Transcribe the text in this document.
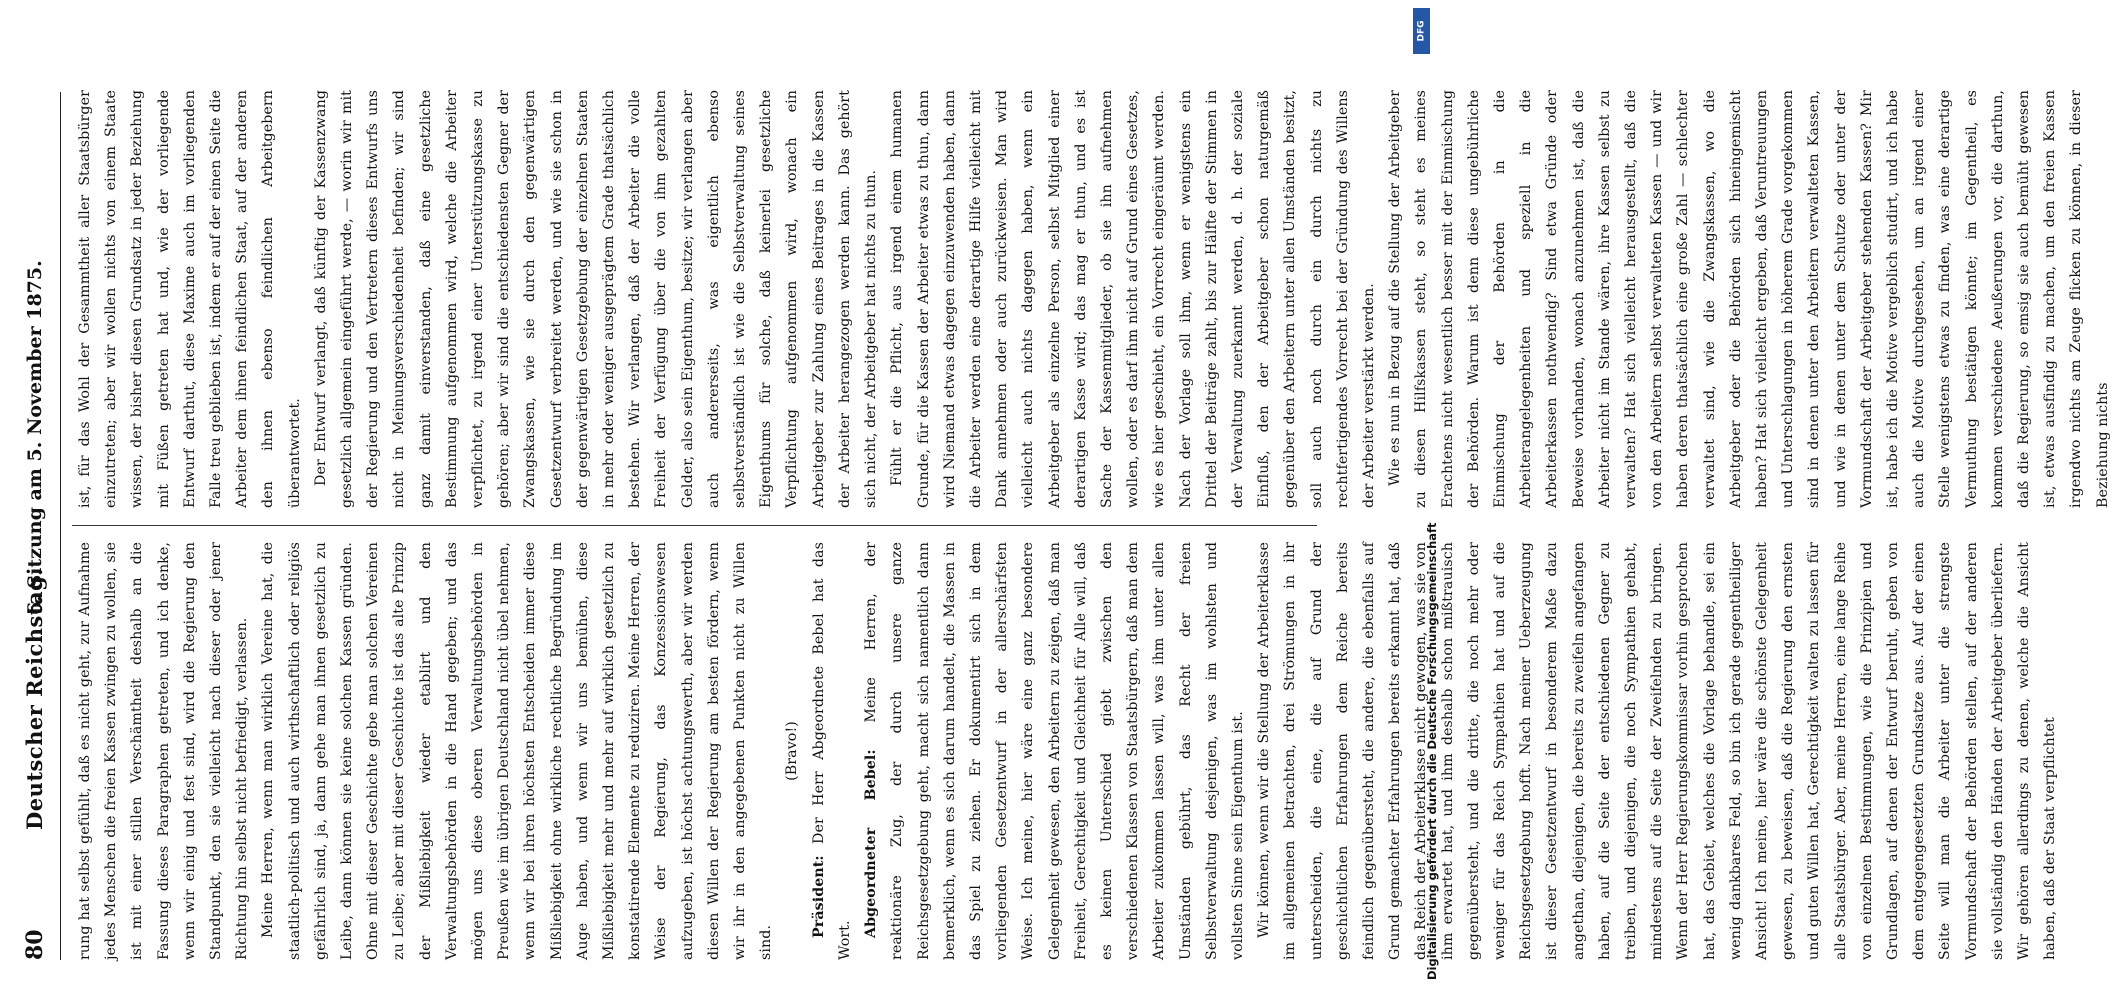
80
Deutscher Reichstag.
6. Sitzung am 5. November 1875.

rung hat selbst gefühlt, daß es nicht geht, zur Aufnahme jedes Menschen die freien Kassen zwingen zu wollen, sie ist mit einer stillen Verschämtheit deshalb an die Fassung dieses Paragraphen getreten, und ich denke, wenn wir einig und fest sind, wird die Regierung den Standpunkt, den sie vielleicht nach dieser oder jener Richtung hin selbst nicht befriedigt, verlassen. Meine Herren, wenn man wirklich Vereine hat, die staatlich-politisch und auch wirthschaftlich oder religiös gefährlich sind, ja, dann gehe man ihnen gesetzlich zu Leibe, dann können sie keine solchen Kassen gründen. Ohne mit dieser Geschichte gebe man solchen Vereinen zu Leibe; aber mit dieser Geschichte ist das alte Prinzip der Mißliebigkeit wieder etablirt und den Verwaltungsbehörden in die Hand gegeben; und das mögen uns diese oberen Verwaltungsbehörden in Preußen wie im übrigen Deutschland nicht übel nehmen, wenn wir bei ihren höchsten Entscheiden immer diese Mißliebigkeit ohne wirkliche rechtliche Begründung im Auge haben, und wenn wir uns bemühen, diese Mißliebigkeit mehr und mehr auf wirklich gesetzlich zu konstatirende Elemente zu reduziren. Meine Herren, der Weise der Regierung, das Konzessionswesen aufzugeben, ist höchst achtungswerth, aber wir werden diesen Willen der Regierung am besten fördern, wenn wir ihr in den angegebenen Punkten nicht zu Willen sind.

(Bravo!)

Präsident: Der Herr Abgeordnete Bebel hat das Wort.

Abgeordneter Bebel: Meine Herren, der reaktionäre Zug, der durch unsere ganze Reichsgesetzgebung geht, macht sich namentlich dann bemerklich, wenn es sich darum handelt, die Massen in das Spiel zu ziehen. Er dokumentirt sich in dem vorliegenden Gesetzentwurf in der allerschärfsten Weise. Ich meine, hier wäre eine ganz besondere Gelegenheit gewesen, den Arbeitern zu zeigen, daß man Freiheit, Gerechtigkeit und Gleichheit für Alle will, daß es keinen Unterschied giebt zwischen den verschiedenen Klassen von Staatsbürgern, daß man dem Arbeiter zukommen lassen will, was ihm unter allen Umständen gebührt, das Recht der freien Selbstverwaltung desjenigen, was im wohlsten und vollsten Sinne sein Eigenthum ist. Wir können, wenn wir die Stellung der Arbeiterklasse im allgemeinen betrachten, drei Strömungen in ihr unterscheiden, die eine, die auf Grund der geschichtlichen Erfahrungen dem Reiche bereits feindlich gegenübersteht, die andere, die ebenfalls auf Grund gemachter Erfahrungen bereits erkannt hat, daß das Reich der Arbeiterklasse nicht gewogen, was sie von ihm erwartet hat, und ihm deshalb schon mißtrauisch gegenübersteht, und die dritte, die noch mehr oder weniger für das Reich Sympathien hat und auf die Reichsgesetzgebung hofft. Nach meiner Ueberzeugung ist dieser Gesetzentwurf in besonderem Maße dazu angethan, diejenigen, die bereits zu zweifeln angefangen haben, auf die Seite der entschiedenen Gegner zu treiben, und diejenigen, die noch Sympathien gehabt, mindestens auf die Seite der Zweifelnden zu bringen. Wenn der Herr Regierungskommissar vorhin gesprochen hat, das Gebiet, welches die Vorlage behandle, sei ein wenig dankbares Feld, so bin ich gerade gegentheiliger Ansicht! Ich meine, hier wäre die schönste Gelegenheit gewesen, zu beweisen, daß die Regierung den ernsten und guten Willen hat, Gerechtigkeit walten zu lassen für alle Staatsbürger. Aber, meine Herren, eine lange Reihe von einzelnen Bestimmungen, wie die Prinzipien und Grundlagen, auf denen der Entwurf beruht, geben von dem entgegengesetzten Grundsatze aus. Auf der einen Seite will man die Arbeiter unter die strengste Vormundschaft der Behörden stellen, auf der anderen sie vollständig den Händen der Arbeitgeber überliefern. Wir gehören allerdings zu denen, welche die Ansicht haben, daß der Staat verpflichtet

ist, für das Wohl der Gesammtheit aller Staatsbürger einzutreten; aber wir wollen nichts von einem Staate wissen, der bisher diesen Grundsatz in jeder Beziehung mit Füßen getreten hat und, wie der vorliegende Entwurf darthut, diese Maxime auch im vorliegenden Falle treu geblieben ist, indem er auf der einen Seite die Arbeiter dem ihnen feindlichen Staat, auf der anderen den ihnen ebenso feindlichen Arbeitgebern überantwortet. Der Entwurf verlangt, daß künftig der Kassenzwang gesetzlich allgemein eingeführt werde, — worin wir mit der Regierung und den Vertretern dieses Entwurfs uns nicht in Meinungsverschiedenheit befinden; wir sind ganz damit einverstanden, daß eine gesetzliche Bestimmung aufgenommen wird, welche die Arbeiter verpflichtet, zu irgend einer Unterstützungskasse zu gehören; aber wir sind die entschiedensten Gegner der Zwangskassen, wie sie durch den gegenwärtigen Gesetzentwurf verbreitet werden, und wie sie schon in der gegenwärtigen Gesetzgebung der einzelnen Staaten in mehr oder weniger ausgeprägtem Grade thatsächlich bestehen. Wir verlangen, daß der Arbeiter die volle Freiheit der Verfügung über die von ihm gezahlten Gelder, also sein Eigenthum, besitze; wir verlangen aber auch andererseits, was eigentlich ebenso selbstverständlich ist wie die Selbstverwaltung seines Eigenthums für solche, daß keinerlei gesetzliche Verpflichtung aufgenommen wird, wonach ein Arbeitgeber zur Zahlung eines Beitrages in die Kassen der Arbeiter herangezogen werden kann. Das gehört sich nicht, der Arbeitgeber hat nichts zu thun. Fühlt er die Pflicht, aus irgend einem humanen Grunde, für die Kassen der Arbeiter etwas zu thun, dann wird Niemand etwas dagegen einzuwenden haben, dann die Arbeiter werden eine derartige Hilfe vielleicht mit Dank annehmen oder auch zurückweisen. Man wird vielleicht auch nichts dagegen haben, wenn ein Arbeitgeber als einzelne Person, selbst Mitglied einer derartigen Kasse wird; das mag er thun, und es ist Sache der Kassenmitglieder, ob sie ihn aufnehmen wollen, oder es darf ihm nicht auf Grund eines Gesetzes, wie es hier geschieht, ein Vorrecht eingeräumt werden. Nach der Vorlage soll ihm, wenn er wenigstens ein Drittel der Beiträge zahlt, bis zur Hälfte der Stimmen in der Verwaltung zuerkannt werden, d. h. der soziale Einfluß, den der Arbeitgeber schon naturgemäß gegenüber den Arbeitern unter allen Umständen besitzt, soll auch noch durch ein durch nichts zu rechtfertigendes Vorrecht bei der Gründung des Willens der Arbeiter verstärkt werden. Wie es nun in Bezug auf die Stellung der Arbeitgeber zu diesen Hilfskassen steht, so steht es meines Erachtens nicht wesentlich besser mit der Einmischung der Behörden. Warum ist denn diese ungebührliche Einmischung der Behörden in die Arbeiterangelegenheiten und speziell in die Arbeiterkassen nothwendig? Sind etwa Gründe oder Beweise vorhanden, wonach anzunehmen ist, daß die Arbeiter nicht im Stande wären, ihre Kassen selbst zu verwalten? Hat sich vielleicht herausgestellt, daß die von den Arbeitern selbst verwalteten Kassen — und wir haben deren thatsächlich eine große Zahl — schlechter verwaltet sind, wie die Zwangskassen, wo die Arbeitgeber oder die Behörden sich hineingemischt haben? Hat sich vielleicht ergeben, daß Veruntreuungen und Unterschlagungen in höherem Grade vorgekommen sind in denen unter den Arbeitern verwalteten Kassen, und wie in denen unter dem Schutze oder unter der Vormundschaft der Arbeitgeber stehenden Kassen? Mir ist, habe ich die Motive vergeblich studirt, und ich habe auch die Motive durchgesehen, um an irgend einer Stelle wenigstens etwas zu finden, was eine derartige Vermuthung bestätigen könnte; im Gegentheil, es kommen verschiedene Aeußerungen vor, die darthun, daß die Regierung, so emsig sie auch bemüht gewesen ist, etwas ausfindig zu machen, um den freien Kassen irgendwo nichts am Zeuge flicken zu können, in dieser Beziehung nichts

DFG
Digitalisierung gefördert durch die Deutsche Forschungsgemeinschaft
